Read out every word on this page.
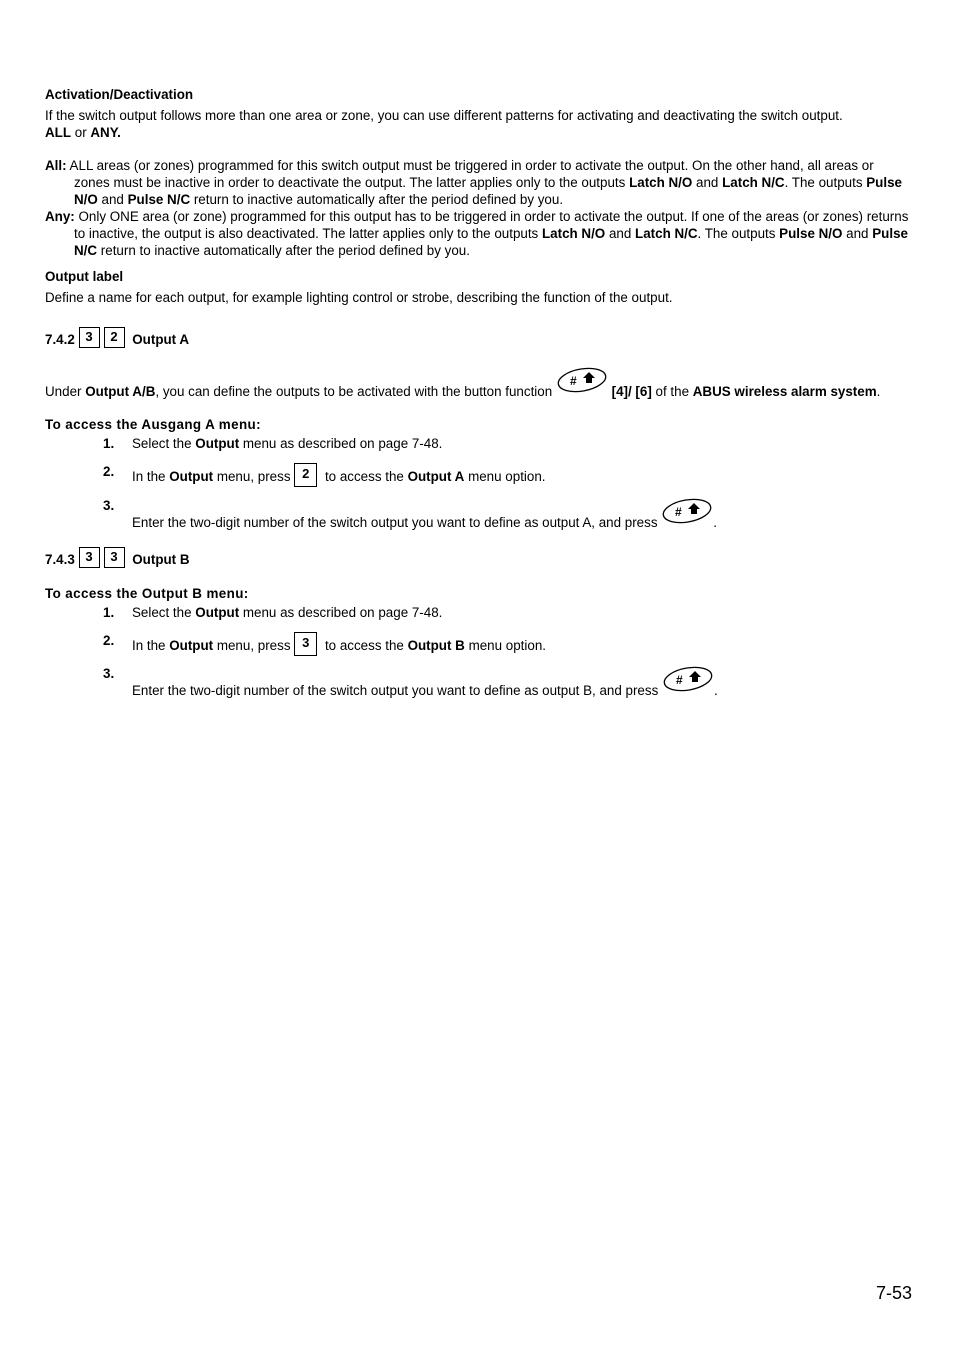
Activation/Deactivation

If the switch output follows more than one area or zone, you can use different patterns for activating and deactivating the switch output.
ALL or ANY.

All: ALL areas (or zones) programmed for this switch output must be triggered in order to activate the output. On the other hand, all areas or zones must be inactive in order to deactivate the output. The latter applies only to the outputs Latch N/O and Latch N/C. The outputs Pulse N/O and Pulse N/C return to inactive automatically after the period defined by you.

Any: Only ONE area (or zone) programmed for this output has to be triggered in order to activate the output. If one of the areas (or zones) returns to inactive, the output is also deactivated. The latter applies only to the outputs Latch N/O and Latch N/C. The outputs Pulse N/O and Pulse N/C return to inactive automatically after the period defined by you.

Output label

Define a name for each output, for example lighting control or strobe, describing the function of the output.

7.4.2 3 2 Output A

Under Output A/B, you can define the outputs to be activated with the button function	[4]/ [6] of the ABUS wireless alarm system.

To access the Ausgang A menu:

1. Select the Output menu as described on page 7-48.
2. In the Output menu, press 2 to access the Output A menu option.
3.
Enter the two-digit number of the switch output you want to define as output A, and press	.

7.4.3 3 3 Output B

To access the Output B menu:

1. Select the Output menu as described on page 7-48.
2. In the Output menu, press 3 to access the Output B menu option.
3.
Enter the two-digit number of the switch output you want to define as output B, and press	.
7-53
